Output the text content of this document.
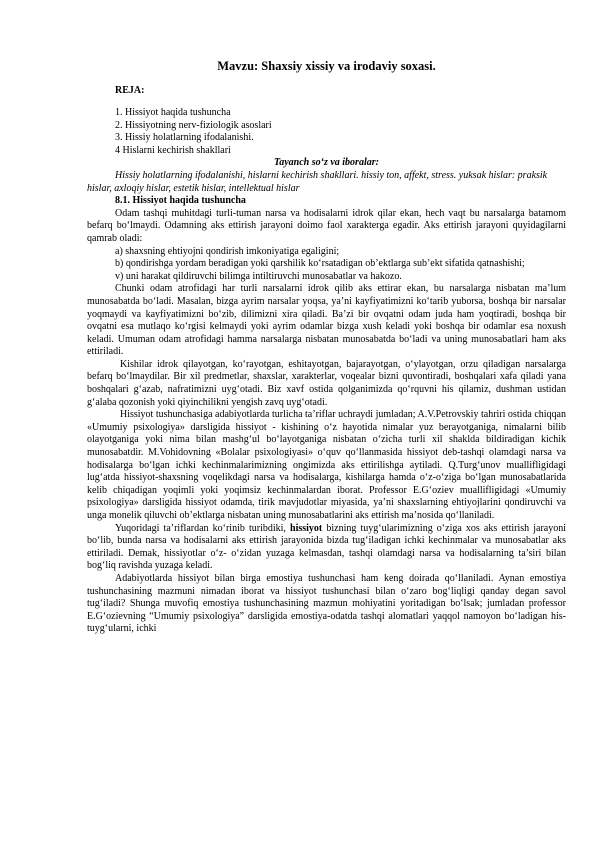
Mavzu: Shaxsiy xissiy va irodaviy soxasi.
REJA:
1. Hissiyot haqida tushuncha
2. Hissiyotning nerv-fiziologik asoslari
3. Hissiy holatlarning ifodalanishi.
4 Hislarni kechirish shakllari
Tayanch so‘z va iboralar:

Hissiy holatlarning ifodalanishi, hislarni kechirish shakllari. hissiy ton, affekt, stress. yuksak hislar: praksik hislar, axloqiy hislar, estetik hislar, intellektual hislar

8.1. Hissiyot haqida tushuncha

Odam tashqi muhitdagi turli-tuman narsa va hodisalarni idrok qilar ekan, hech vaqt bu narsalarga batamom befarq bo‘lmaydi. Odamning aks ettirish jarayoni doimo faol xarakterga egadir. Aks ettirish jarayoni quyidagilarni qamrab oladi:

a) shaxsning ehtiyojni qondirish imkoniyatiga egaligini;

b) qondirishga yordam beradigan yoki qarshilik ko‘rsatadigan ob’ektlarga sub’ekt sifatida qatnashishi;

v) uni harakat qildiruvchi bilimga intiltiruvchi munosabatlar va hakozo.

Chunki odam atrofidagi har turli narsalarni idrok qilib aks ettirar ekan, bu narsalarga nisbatan ma’lum munosabatda bo‘ladi. Masalan, bizga ayrim narsalar yoqsa, ya’ni kayfiyatimizni ko‘tarib yuborsa, boshqa bir narsalar yoqmaydi va kayfiyatimizni bo‘zib, dilimizni xira qiladi. Ba’zi bir ovqatni odam juda ham yoqtiradi, boshqa bir ovqatni esa mutlaqo ko‘rgisi kelmaydi yoki ayrim odamlar bizga xush keladi yoki boshqa bir odamlar esa noxush keladi. Umuman odam atrofidagi hamma narsalarga nisbatan munosabatda bo‘ladi va uning munosabatlari ham aks ettiriladi.

Kishilar idrok qilayotgan, ko‘rayotgan, eshitayotgan, bajarayotgan, o‘ylayotgan, orzu qiladigan narsalarga befarq bo‘lmaydilar. Bir xil predmetlar, shaxslar, xarakterlar, voqealar bizni quvontiradi, boshqalari xafa qiladi yana boshqalari g‘azab, nafratimizni uyg‘otadi. Biz xavf ostida qolganimizda qo‘rquvni his qilamiz, dushman ustidan g‘alaba qozonish yoki qiyinchilikni yengish zavq uyg‘otadi.

Hissiyot tushunchasiga adabiyotlarda turlicha ta’riflar uchraydi jumladan; A.V.Petrovskiy tahriri ostida chiqqan «Umumiy psixologiya» darsligida hissiyot - kishining o‘z hayotida nimalar yuz berayotganiga, nimalarni bilib olayotganiga yoki nima bilan mashg‘ul bo‘layotganiga nisbatan o‘zicha turli xil shaklda bildiradigan kichik munosabatdir. M.Vohidovning «Bolalar psixologiyasi» o‘quv qo‘llanmasida hissiyot deb-tashqi olamdagi narsa va hodisalarga bo‘lgan ichki kechinmalarimizning ongimizda aks ettirilishga aytiladi. Q.Turg‘unov muallifligidagi lug‘atda hissiyot-shaxsning voqelikdagi narsa va hodisalarga, kishilarga hamda o‘z-o‘ziga bo‘lgan munosabatlarida kelib chiqadigan yoqimli yoki yoqimsiz kechinmalardan iborat. Professor E.G‘oziev muallifligidagi «Umumiy psixologiya» darsligida hissiyot odamda, tirik mavjudotlar miyasida, ya’ni shaxslarning ehtiyojlarini qondiruvchi va unga monelik qiluvchi ob’ektlarga nisbatan uning munosabatlarini aks ettirish ma’nosida qo‘llaniladi.

Yuqoridagi ta’riflardan ko‘rinib turibdiki, hissiyot bizning tuyg‘ularimizning o‘ziga xos aks ettirish jarayoni bo‘lib, bunda narsa va hodisalarni aks ettirish jarayonida bizda tug‘iladigan ichki kechinmalar va munosabatlar aks ettiriladi. Demak, hissiyotlar o‘z- o‘zidan yuzaga kelmasdan, tashqi olamdagi narsa va hodisalarning ta’siri bilan bog‘liq ravishda yuzaga keladi.

Adabiyotlarda hissiyot bilan birga emostiya tushunchasi ham keng doirada qo‘llaniladi. Aynan emostiya tushunchasining mazmuni nimadan iborat va hissiyot tushunchasi bilan o‘zaro bog‘liqligi qanday degan savol tug‘iladi? Shunga muvofiq emostiya tushunchasining mazmun mohiyatini yoritadigan bo‘lsak; jumladan professor E.G‘ozievning “Umumiy psixologiya” darsligida emostiya-odatda tashqi alomatlari yaqqol namoyon bo‘ladigan his- tuyg‘ularni, ichki
